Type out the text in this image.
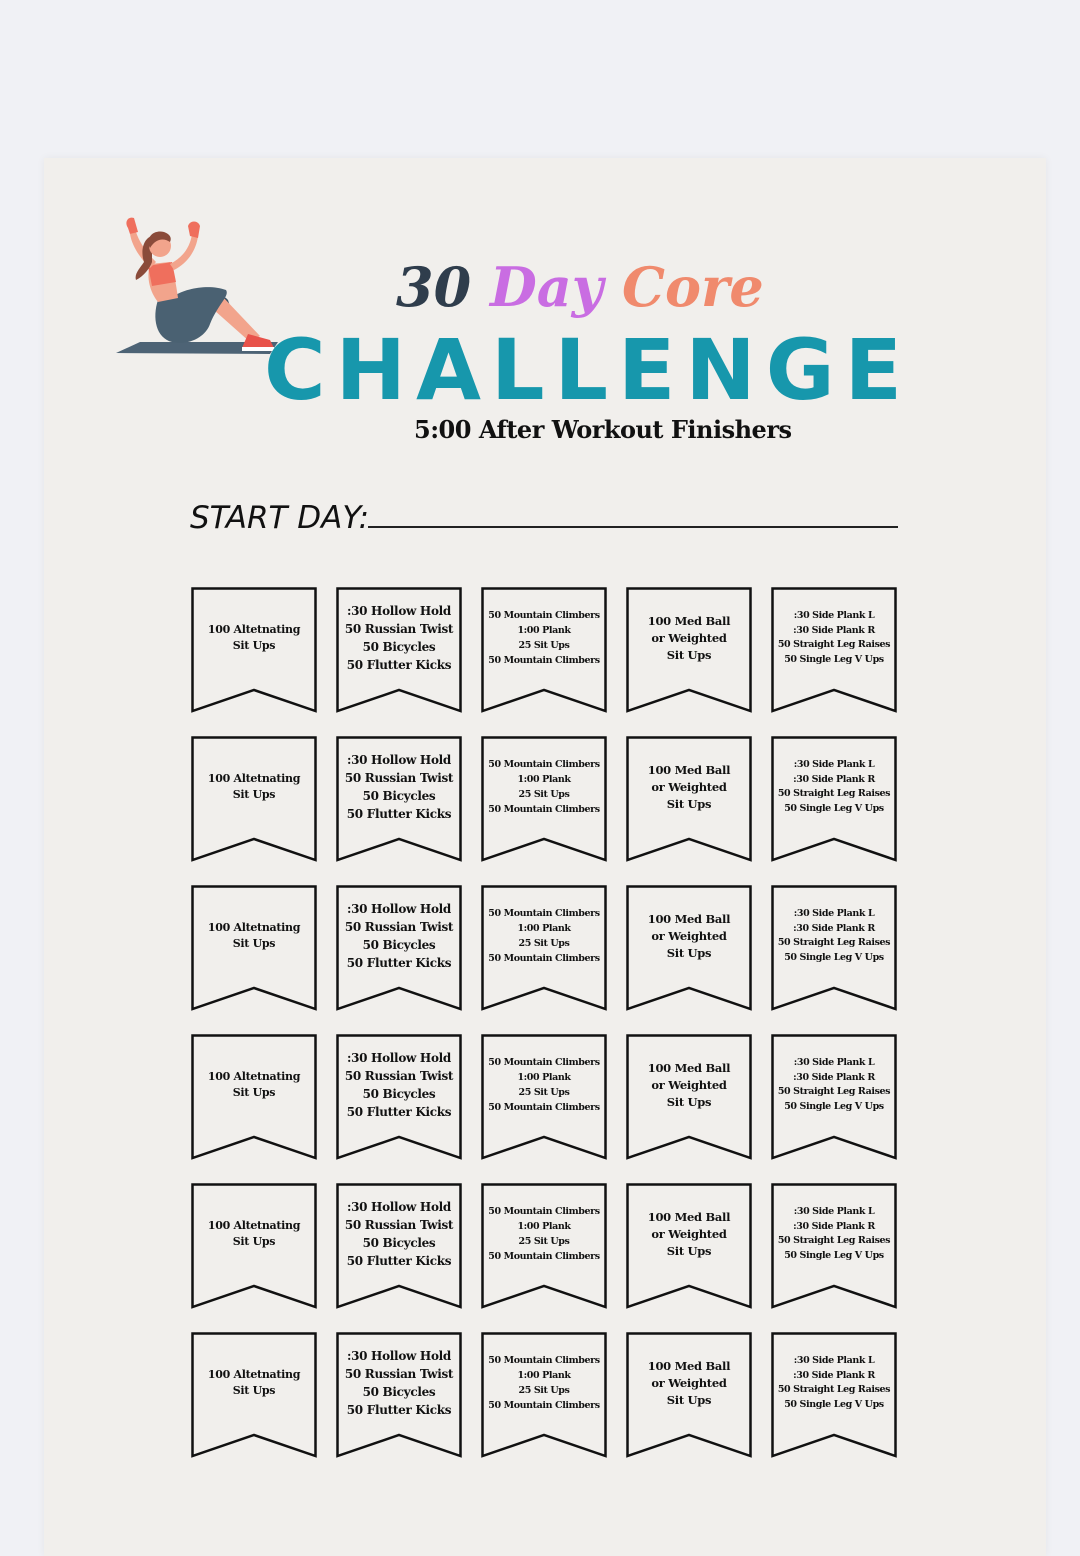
30 Day Core
CHALLENGE
5:00 After Workout Finishers
START DAY:
100 Altetnating
Sit Ups
:30 Hollow Hold
50 Russian Twist
50 Bicycles
50 Flutter Kicks
50 Mountain Climbers
1:00 Plank
25 Sit Ups
50 Mountain Climbers
100 Med Ball
or Weighted
Sit Ups
:30 Side Plank L
:30 Side Plank R
50 Straight Leg Raises
50 Single Leg V Ups
100 Altetnating
Sit Ups
:30 Hollow Hold
50 Russian Twist
50 Bicycles
50 Flutter Kicks
50 Mountain Climbers
1:00 Plank
25 Sit Ups
50 Mountain Climbers
100 Med Ball
or Weighted
Sit Ups
:30 Side Plank L
:30 Side Plank R
50 Straight Leg Raises
50 Single Leg V Ups
100 Altetnating
Sit Ups
:30 Hollow Hold
50 Russian Twist
50 Bicycles
50 Flutter Kicks
50 Mountain Climbers
1:00 Plank
25 Sit Ups
50 Mountain Climbers
100 Med Ball
or Weighted
Sit Ups
:30 Side Plank L
:30 Side Plank R
50 Straight Leg Raises
50 Single Leg V Ups
100 Altetnating
Sit Ups
:30 Hollow Hold
50 Russian Twist
50 Bicycles
50 Flutter Kicks
50 Mountain Climbers
1:00 Plank
25 Sit Ups
50 Mountain Climbers
100 Med Ball
or Weighted
Sit Ups
:30 Side Plank L
:30 Side Plank R
50 Straight Leg Raises
50 Single Leg V Ups
100 Altetnating
Sit Ups
:30 Hollow Hold
50 Russian Twist
50 Bicycles
50 Flutter Kicks
50 Mountain Climbers
1:00 Plank
25 Sit Ups
50 Mountain Climbers
100 Med Ball
or Weighted
Sit Ups
:30 Side Plank L
:30 Side Plank R
50 Straight Leg Raises
50 Single Leg V Ups
100 Altetnating
Sit Ups
:30 Hollow Hold
50 Russian Twist
50 Bicycles
50 Flutter Kicks
50 Mountain Climbers
1:00 Plank
25 Sit Ups
50 Mountain Climbers
100 Med Ball
or Weighted
Sit Ups
:30 Side Plank L
:30 Side Plank R
50 Straight Leg Raises
50 Single Leg V Ups
